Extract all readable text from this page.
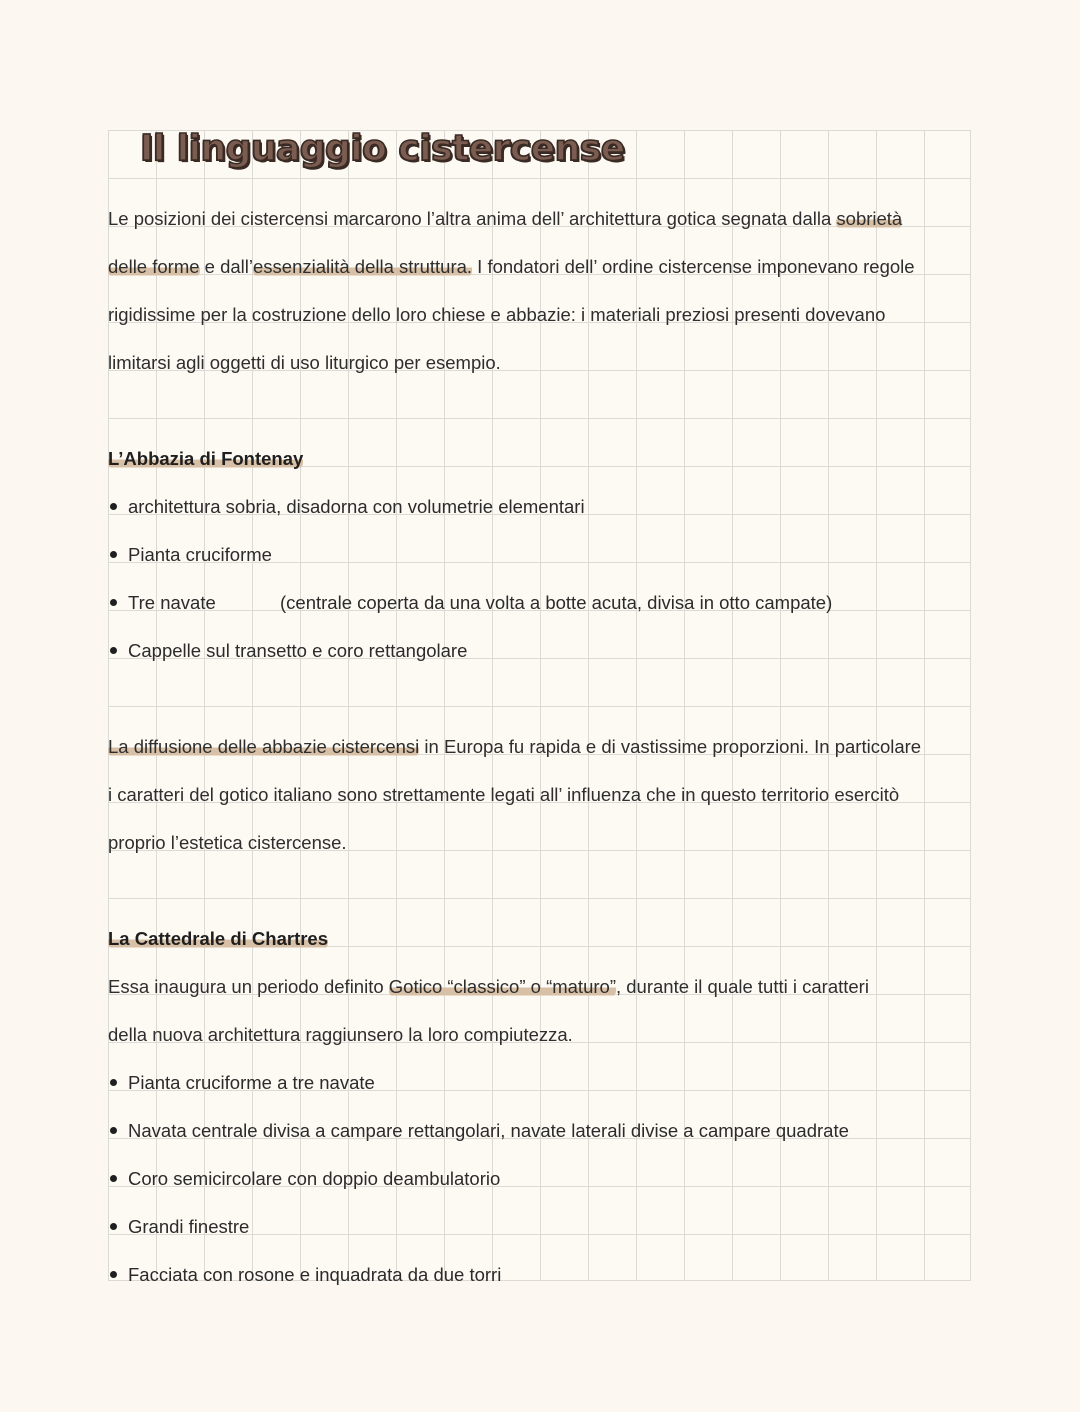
Il linguaggio cistercense
Le posizioni dei cistercensi marcarono l’altra anima dell’ architettura gotica segnata dalla sobrietà
delle forme e dall’essenzialità della struttura. I fondatori dell’ ordine cistercense imponevano regole
rigidissime per la costruzione dello loro chiese e abbazie: i materiali preziosi presenti dovevano
limitarsi agli oggetti di uso liturgico per esempio.
L’Abbazia di Fontenay
architettura sobria, disadorna con volumetrie elementari
Pianta cruciforme
Tre navate	(centrale coperta da una volta a botte acuta, divisa in otto campate)
Cappelle sul transetto e coro rettangolare
La diffusione delle abbazie cistercensi in Europa fu rapida e di vastissime proporzioni. In particolare
i caratteri del gotico italiano sono strettamente legati all’ influenza che in questo territorio esercitò
proprio l’estetica cistercense.
La Cattedrale di Chartres
Essa inaugura un periodo definito Gotico “classico” o “maturo”, durante il quale tutti i caratteri
della nuova architettura raggiunsero la loro compiutezza.
Pianta cruciforme a tre navate
Navata centrale divisa a campare rettangolari, navate laterali divise a campare quadrate
Coro semicircolare con doppio deambulatorio
Grandi finestre
Facciata con rosone e inquadrata da due torri
